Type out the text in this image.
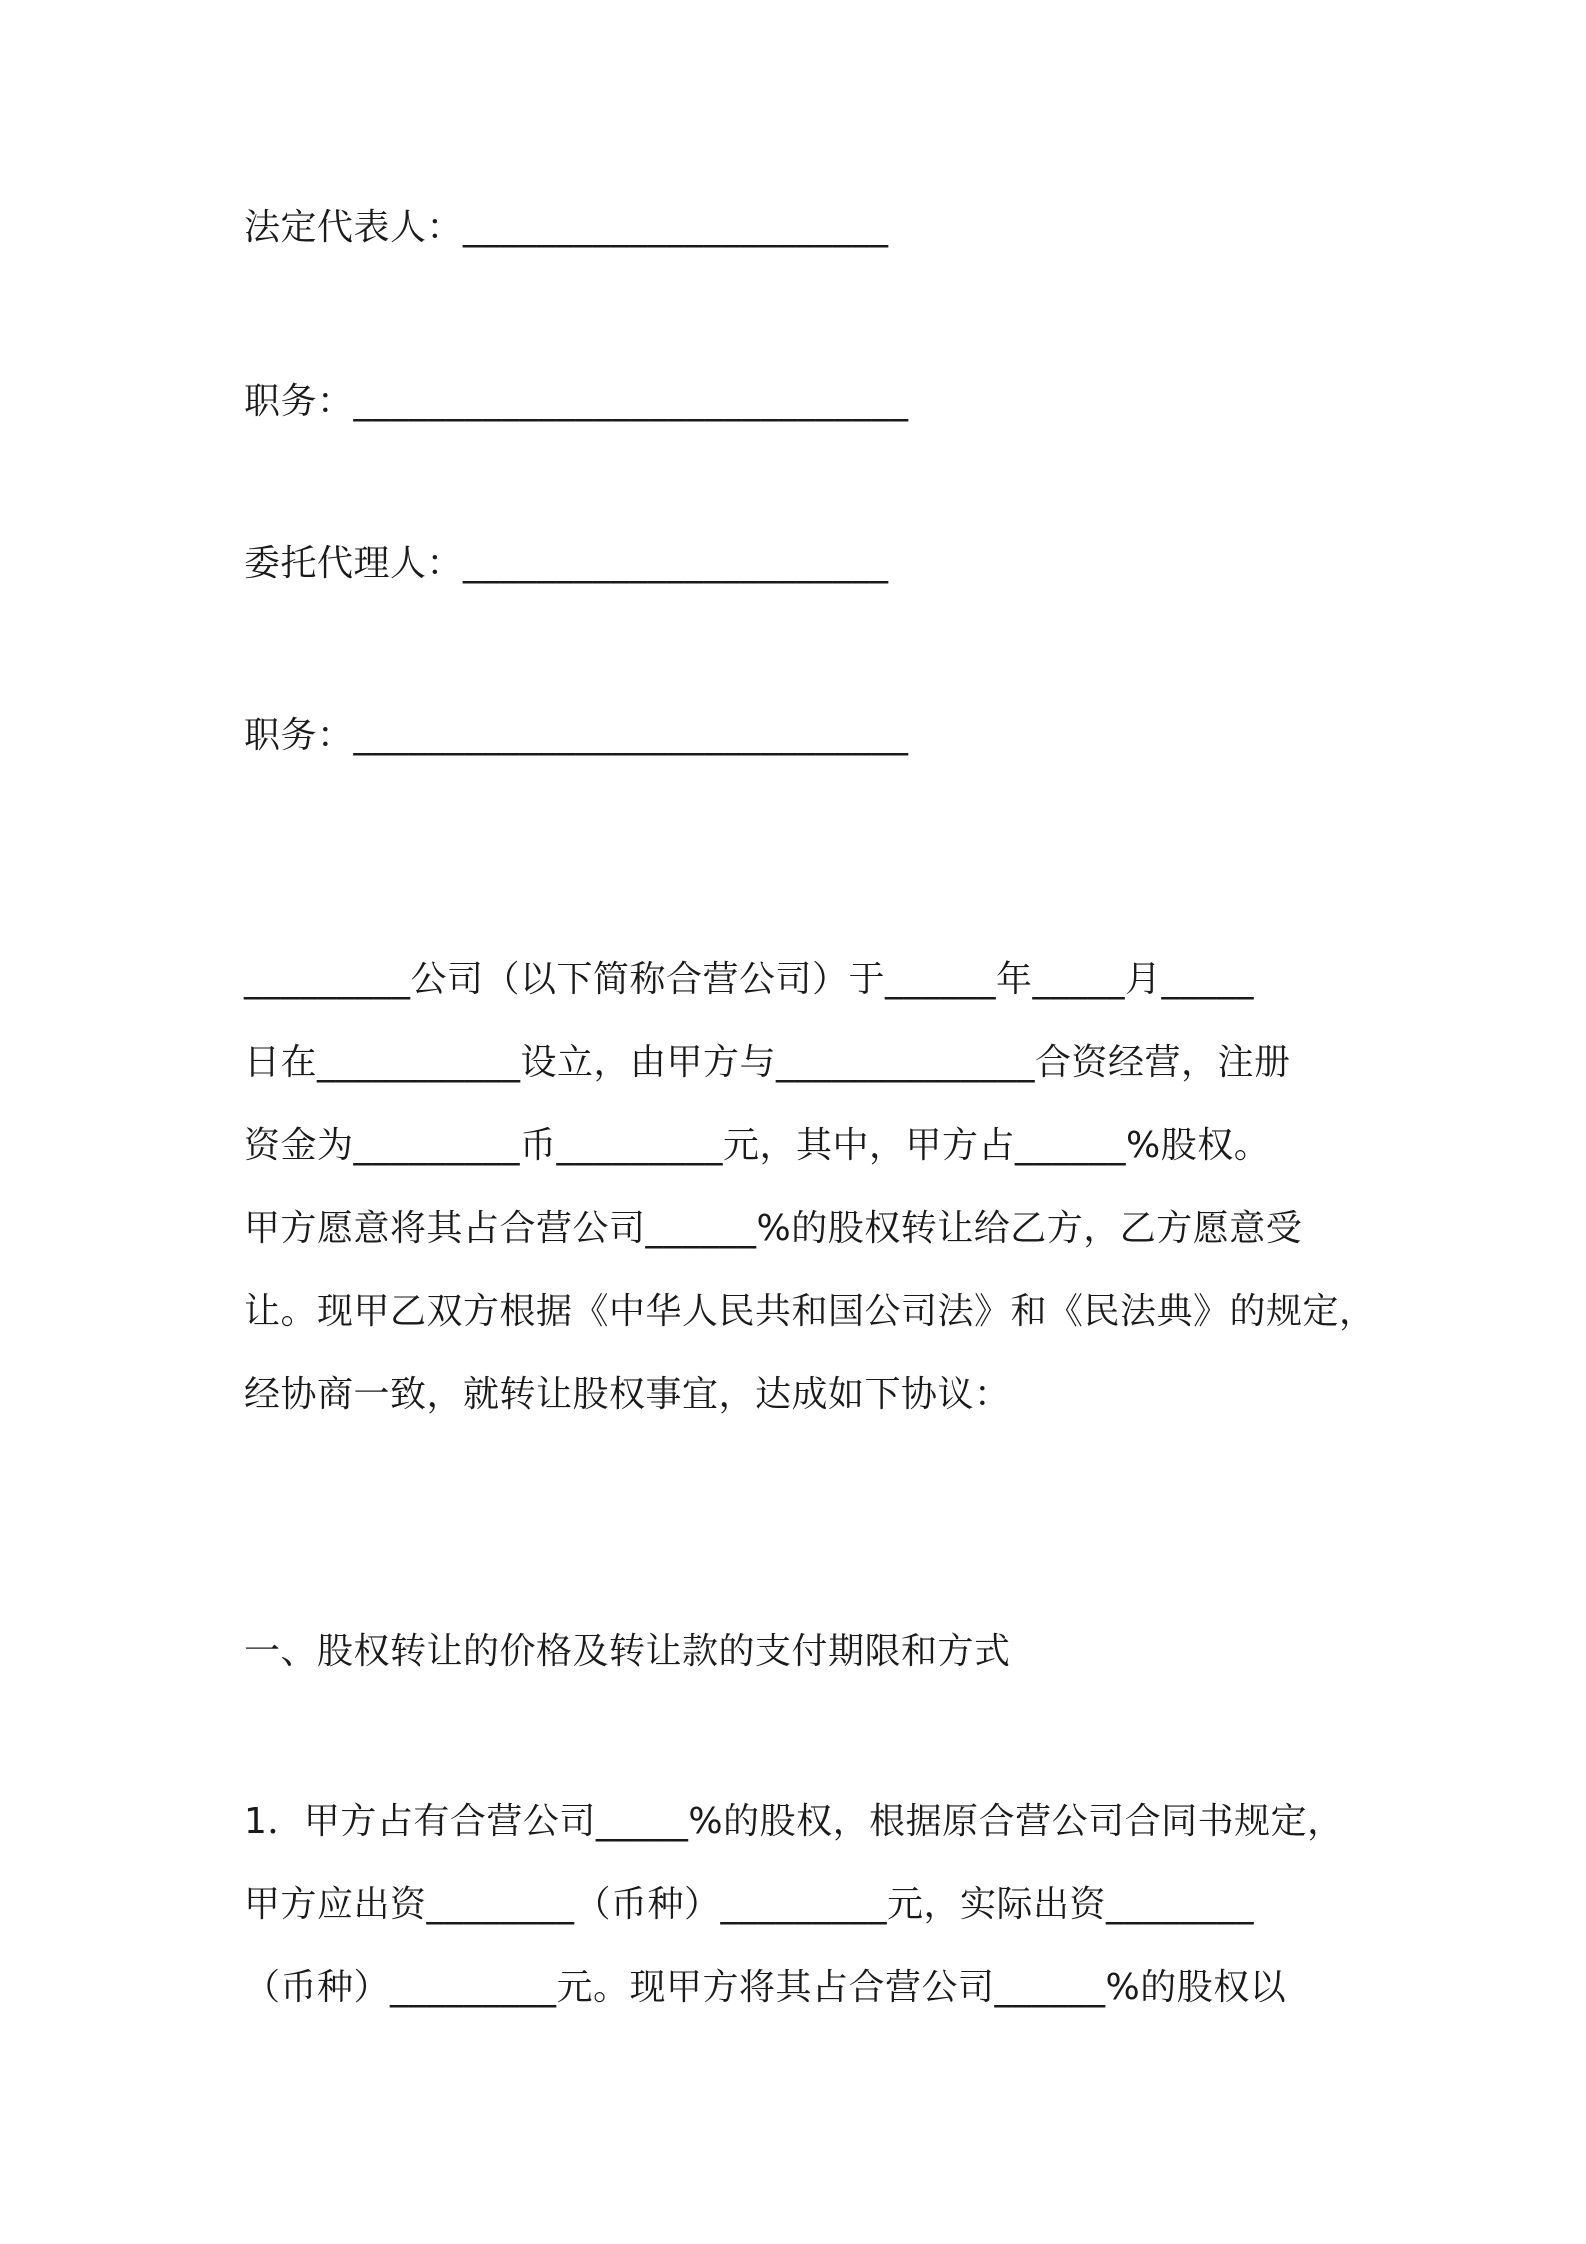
法定代表人：_______________________
职务：______________________________
委托代理人：_______________________
职务：______________________________
_________公司（以下简称合营公司）于______年_____月_____
日在___________设立，由甲方与______________合资经营，注册
资金为_________币_________元，其中，甲方占______%股权。
甲方愿意将其占合营公司______%的股权转让给乙方，乙方愿意受
让。现甲乙双方根据《中华人民共和国公司法》和《民法典》的规定，
经协商一致，就转让股权事宜，达成如下协议：
一、股权转让的价格及转让款的支付期限和方式
1．甲方占有合营公司_____%的股权，根据原合营公司合同书规定，
甲方应出资________（币种）_________元，实际出资________
（币种）_________元。现甲方将其占合营公司______%的股权以
